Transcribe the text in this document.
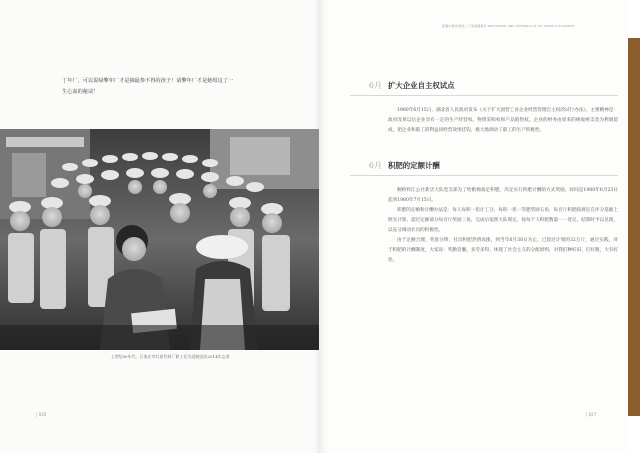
影響中國市場的二十項重要事件 INFLUENCE AND OPENING-UP OF CHINA'S ECONOMY
丁年厂，可以说绿擎年厂才是摘最参不得的孩子！请擎年厂才是她组这了一
生心血的秘诀！
上世纪80年代，石家庄市红星饮料厂职工们为迎接国庆2014年志坚
| 026	| 027
6月 扩大企业自主权试点

1980年6月15日，湖北省人民政府发布《关于扩大国营工业企业经营管理自主权的试行办法》，主要精神是：政府改革以后企业享有一定的生产经营权、物资采购权和产品销售权。企业的财务由原来的统收统支改为利润留成，把企业和职工的利益同经营效果挂钩，极大地调动了职工的生产积极性。

6月 积肥的定额计酬

桐桥料江公社新店大队党支部为了给粮棉备足积肥，决定实行积肥计酬的方式奖励，时间是1980年6月23日起到1980年7月15日。

积肥的定额和计酬办法是：每人每积一担计工分，每积一担一等肥奖励五角，每百斤积肥按规定在评分基础上照实计算，超过定额部分每百斤奖励三角，完成后依照大队规定，按每个人积肥数量一一登记，结算时予以兑现，以充分调动社员的积极性。

由于定额合理，奖惩分明，社员积肥热情高涨，到当年6月30日为止，已超过计划的32万斤，通过实践，对于积肥的计酬制度，大家说：奖勤罚懒，多劳多得，体现了社会主义的分配原则，对我们种好田、打好粮，大有好处。
